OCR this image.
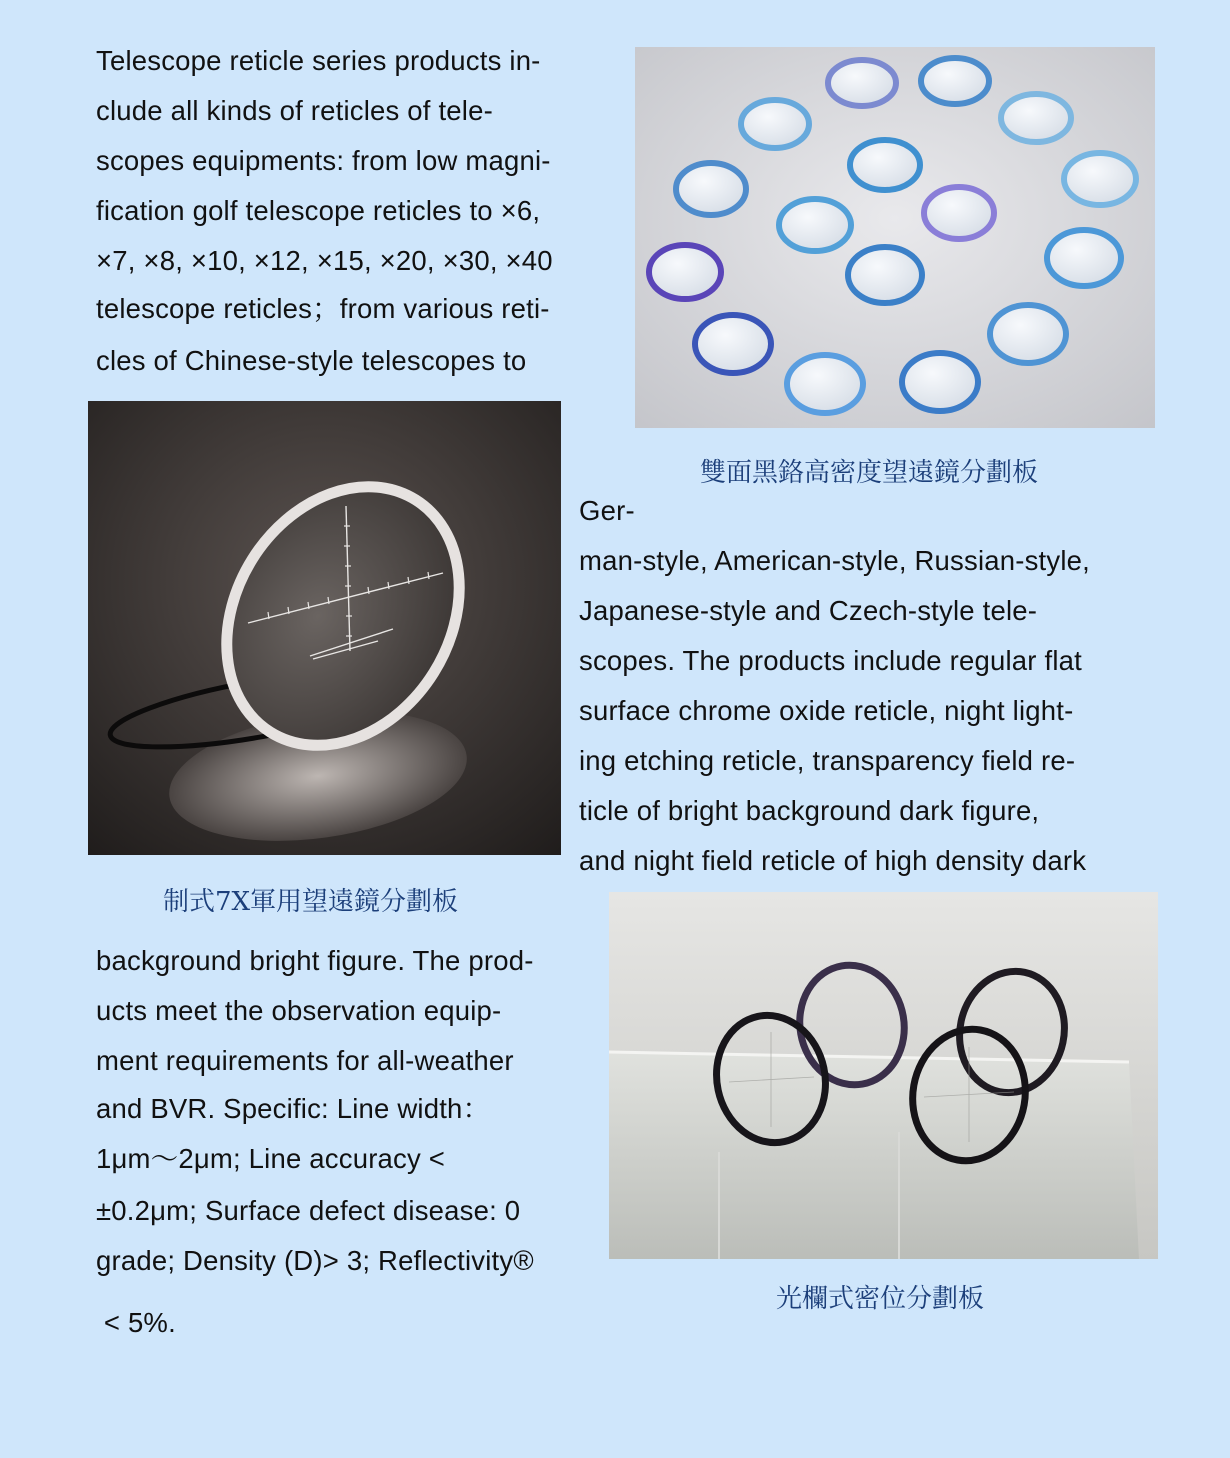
Telescope reticle series products in-
clude all kinds of reticles of tele-
scopes equipments: from low magni-
fication golf telescope reticles to ×6,
×7, ×8, ×10, ×12, ×15, ×20, ×30, ×40
telescope reticles；from various reti-
cles of Chinese-style telescopes to
雙面黑鉻高密度望遠鏡分劃板
Ger-
man-style, American-style, Russian-style,
Japanese-style and Czech-style tele-
scopes. The products include regular flat
surface chrome oxide reticle, night light-
ing etching reticle, transparency field re-
ticle of bright background dark figure,
and night field reticle of high density dark
制式7X軍用望遠鏡分劃板
background bright figure. The prod-
ucts meet the observation equip-
ment requirements for all-weather
and BVR. Specific: Line width：
1μm～2μm; Line accuracy <
±0.2μm; Surface defect disease: 0
grade; Density (D)> 3; Reflectivity®
< 5%.
光欄式密位分劃板
